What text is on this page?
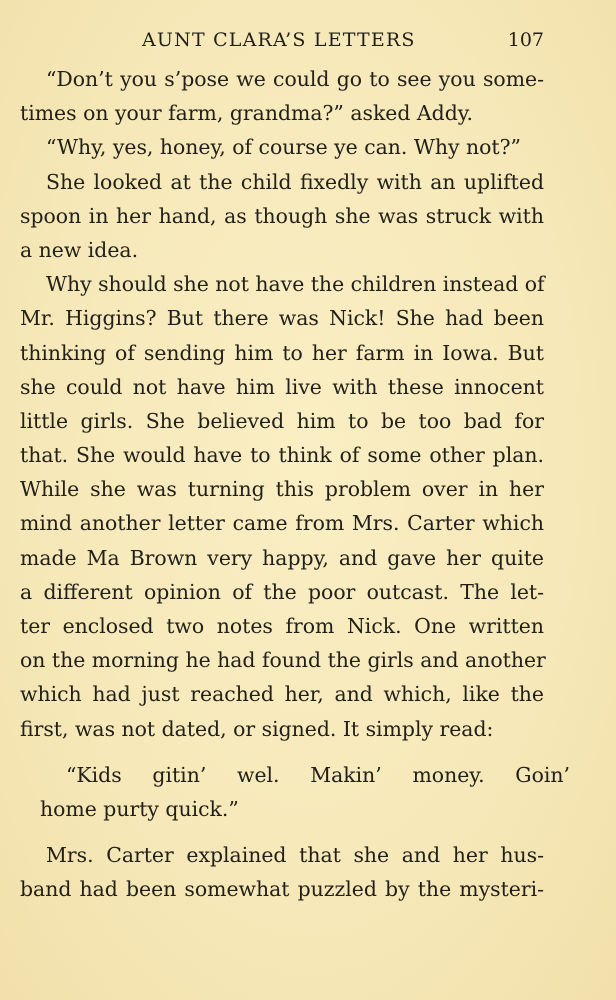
AUNT CLARA’S LETTERS	107
“Don’t you s’pose we could go to see you some-
times on your farm, grandma?” asked Addy.
“Why, yes, honey, of course ye can. Why not?”
She looked at the child fixedly with an uplifted
spoon in her hand, as though she was struck with
a new idea.
Why should she not have the children instead of
Mr. Higgins? But there was Nick! She had been
thinking of sending him to her farm in Iowa. But
she could not have him live with these innocent
little girls. She believed him to be too bad for
that. She would have to think of some other plan.
While she was turning this problem over in her
mind another letter came from Mrs. Carter which
made Ma Brown very happy, and gave her quite
a different opinion of the poor outcast. The let-
ter enclosed two notes from Nick. One written
on the morning he had found the girls and another
which had just reached her, and which, like the
first, was not dated, or signed. It simply read:
“Kids gitin’ wel. Makin’ money. Goin’
home purty quick.”
Mrs. Carter explained that she and her hus-
band had been somewhat puzzled by the mysteri-
